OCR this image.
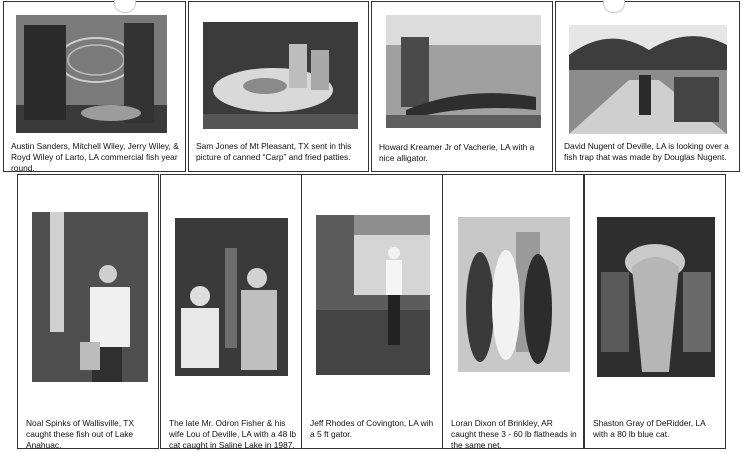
Austin Sanders, Mitchell Wiley, Jerry Wiley, & Royd Wiley of Larto, LA commercial fish year round.

Sam Jones of Mt Pleasant, TX sent in this picture of canned “Carp” and fried patties.

Howard Kreamer Jr of Vacherie, LA with a nice alligator.

David Nugent of Deville, LA is looking over a fish trap that was made by Douglas Nugent.

Noal Spinks of Wallisville, TX caught these fish out of Lake Anahuac.

The late Mr. Odron Fisher & his wife Lou of Deville, LA with a 48 lb cat caught in Saline Lake in 1987.

Jeff Rhodes of Covington, LA wih a 5 ft gator.

Loran Dixon of Brinkley, AR caught these 3 - 60 lb flatheads in the same net.

Shaston Gray of DeRidder, LA with a 80 lb blue cat.
